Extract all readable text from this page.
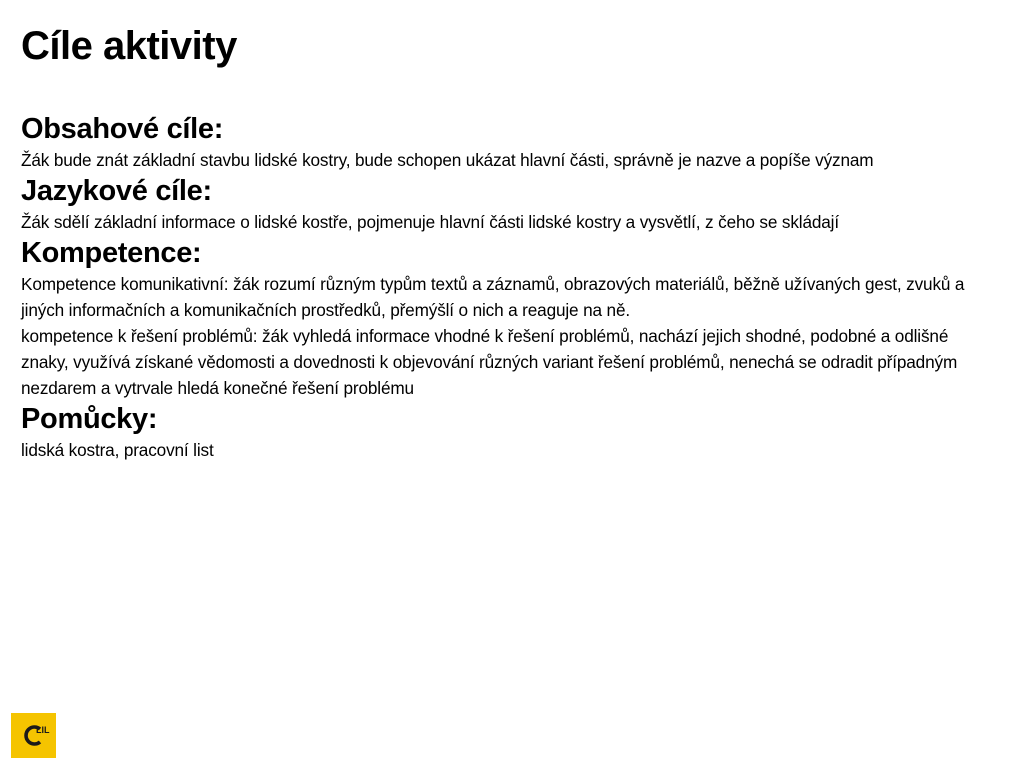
Cíle aktivity
Obsahové cíle:

Žák bude znát základní stavbu lidské kostry, bude schopen ukázat hlavní části, správně je nazve a popíše význam

Jazykové cíle:

Žák sdělí základní informace o lidské kostře, pojmenuje hlavní části lidské kostry a vysvětlí, z čeho se skládají

Kompetence:

Kompetence komunikativní: žák rozumí různým typům textů a záznamů, obrazových materiálů, běžně užívaných gest, zvuků a jiných informačních a komunikačních prostředků, přemýšlí o nich a reaguje na ně.

kompetence k řešení problémů: žák vyhledá informace vhodné k řešení problémů, nachází jejich shodné, podobné a odlišné znaky, využívá získané vědomosti a dovednosti k objevování různých variant řešení problémů, nenechá se odradit případným nezdarem a vytrvale hledá konečné řešení problému

Pomůcky:

lidská kostra, pracovní list

LIL
